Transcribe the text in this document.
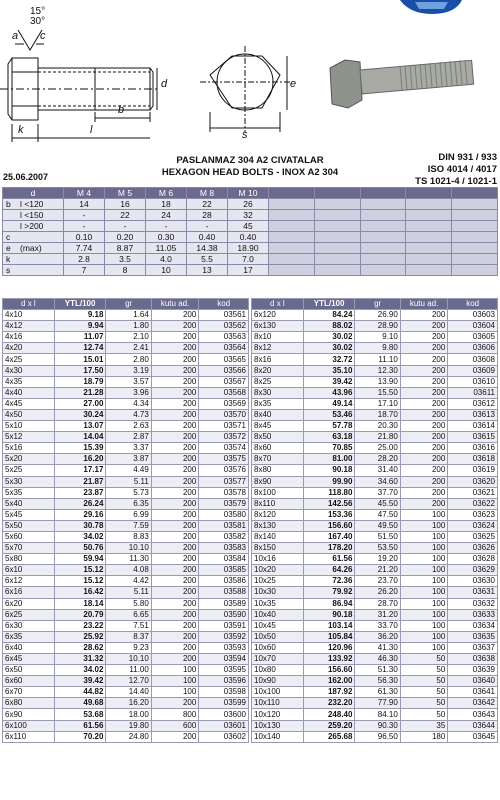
15°
30°
a c
d
b
l
k
e
s
25.06.2007
PASLANMAZ 304 A2 CIVATALAR
HEXAGON HEAD BOLTS - INOX A2 304
DIN 931 / 933
ISO 4014 / 4017
TS 1021-4 / 1021-1
d	M 4	M 5	M 6	M 8	M 10					
b l <120	14	16	18	22	26					
l <150	-	22	24	28	32					
l >200	-	-	-	-	45					
c	0.10	0.20	0.30	0.40	0.40					
e (max)	7.74	8.87	11.05	14.38	18.90					
k	2.8	3.5	4.0	5.5	7.0					
s	7	8	10	13	17					
d x l	YTL/100	gr	kutu ad.	kod
4x10	9.18	1.64	200	03561
4x12	9.94	1.80	200	03562
4x16	11.07	2.10	200	03563
4x20	12.74	2.41	200	03564
4x25	15.01	2.80	200	03565
4x30	17.50	3.19	200	03566
4x35	18.79	3.57	200	03567
4x40	21.28	3.96	200	03568
4x45	27.00	4.34	200	03569
4x50	30.24	4.73	200	03570
5x10	13.07	2.63	200	03571
5x12	14.04	2.87	200	03572
5x16	15.39	3.37	200	03574
5x20	16.20	3.87	200	03575
5x25	17.17	4.49	200	03576
5x30	21.87	5.11	200	03577
5x35	23.87	5.73	200	03578
5x40	26.24	6.35	200	03579
5x45	29.16	6.99	200	03580
5x50	30.78	7.59	200	03581
5x60	34.02	8.83	200	03582
5x70	50.76	10.10	200	03583
5x80	59.94	11.30	200	03584
6x10	15.12	4.08	200	03585
6x12	15.12	4.42	200	03586
6x16	16.42	5.11	200	03588
6x20	18.14	5.80	200	03589
6x25	20.79	6.65	200	03590
6x30	23.22	7.51	200	03591
6x35	25.92	8.37	200	03592
6x40	28.62	9.23	200	03593
6x45	31.32	10.10	200	03594
6x50	34.02	11.00	100	03595
6x60	39.42	12.70	100	03596
6x70	44.82	14.40	100	03598
6x80	49.68	16.20	200	03599
6x90	53.68	18.00	800	03600
6x100	61.56	19.80	600	03601
6x110	70.20	24.80	200	03602
d x l	YTL/100	gr	kutu ad.	kod
6x120	84.24	26.90	200	03603
6x130	88.02	28.90	200	03604
8x10	30.02	9.10	200	03605
8x12	30.02	9.80	200	03606
8x16	32.72	11.10	200	03608
8x20	35.10	12.30	200	03609
8x25	39.42	13.90	200	03610
8x30	43.96	15.50	200	03611
8x35	49.14	17.10	200	03612
8x40	53.46	18.70	200	03613
8x45	57.78	20.30	200	03614
8x50	63.18	21.80	200	03615
8x60	70.85	25.00	200	03616
8x70	81.00	28.20	200	03618
8x80	90.18	31.40	200	03619
8x90	99.90	34.60	200	03620
8x100	118.80	37.70	200	03621
8x110	142.56	45.50	200	03622
8x120	153.36	47.50	100	03623
8x130	156.60	49.50	100	03624
8x140	167.40	51.50	100	03625
8x150	178.20	53.50	100	03626
10x16	61.56	19.20	100	03628
10x20	64.26	21.20	100	03629
10x25	72.36	23.70	100	03630
10x30	79.92	26.20	100	03631
10x35	86.94	28.70	100	03632
10x40	90.18	31.20	100	03633
10x45	103.14	33.70	100	03634
10x50	105.84	36.20	100	03635
10x60	120.96	41.30	100	03637
10x70	133.92	46.30	50	03638
10x80	156.60	51.30	50	03639
10x90	162.00	56.30	50	03640
10x100	187.92	61.30	50	03641
10x110	232.20	77.90	50	03642
10x120	248.40	84.10	50	03643
10x130	259.20	90.30	35	03644
10x140	265.68	96.50	180	03645
